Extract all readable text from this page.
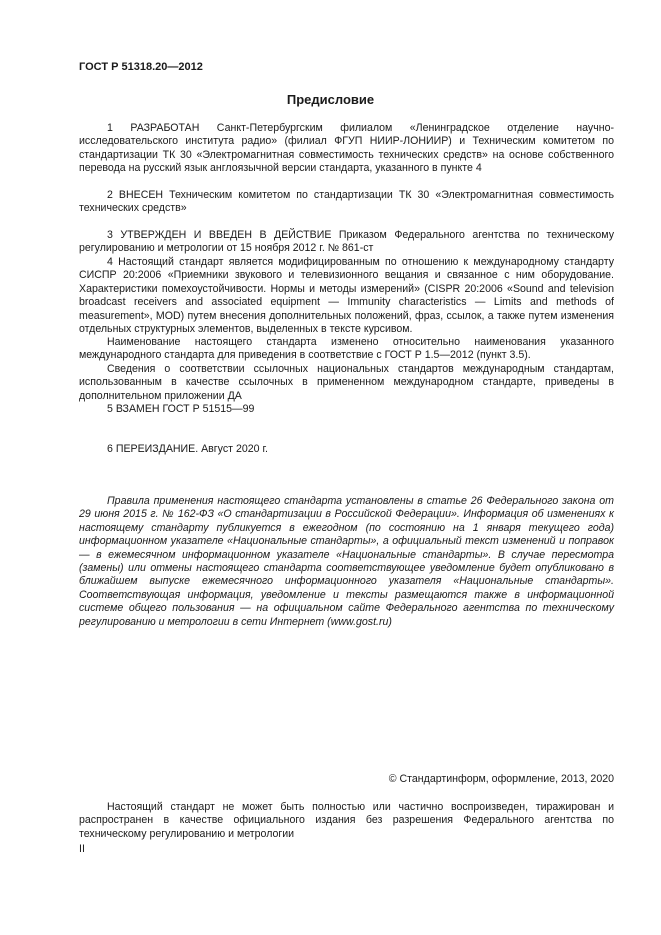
ГОСТ Р 51318.20—2012
Предисловие

1 РАЗРАБОТАН Санкт-Петербургским филиалом «Ленинградское отделение научно-исследовательского института радио» (филиал ФГУП НИИР-ЛОНИИР) и Техническим комитетом по стандартизации ТК 30 «Электромагнитная совместимость технических средств» на основе собственного перевода на русский язык англоязычной версии стандарта, указанного в пункте 4

2 ВНЕСЕН Техническим комитетом по стандартизации ТК 30 «Электромагнитная совместимость технических средств»

3 УТВЕРЖДЕН И ВВЕДЕН В ДЕЙСТВИЕ Приказом Федерального агентства по техническому регулированию и метрологии от 15 ноября 2012 г. № 861-ст

4 Настоящий стандарт является модифицированным по отношению к международному стандарту СИСПР 20:2006 «Приемники звукового и телевизионного вещания и связанное с ним оборудование. Характеристики помехоустойчивости. Нормы и методы измерений» (CISPR 20:2006 «Sound and television broadcast receivers and associated equipment — Immunity characteristics — Limits and methods of measurement», MOD) путем внесения дополнительных положений, фраз, ссылок, а также путем изменения отдельных структурных элементов, выделенных в тексте курсивом.

Наименование настоящего стандарта изменено относительно наименования указанного международного стандарта для приведения в соответствие с ГОСТ Р 1.5—2012 (пункт 3.5).

Сведения о соответствии ссылочных национальных стандартов международным стандартам, использованным в качестве ссылочных в примененном международном стандарте, приведены в дополнительном приложении ДА

5 ВЗАМЕН ГОСТ Р 51515—99

6 ПЕРЕИЗДАНИЕ. Август 2020 г.

Правила применения настоящего стандарта установлены в статье 26 Федерального закона от 29 июня 2015 г. № 162-ФЗ «О стандартизации в Российской Федерации». Информация об изменениях к настоящему стандарту публикуется в ежегодном (по состоянию на 1 января текущего года) информационном указателе «Национальные стандарты», а официальный текст изменений и поправок — в ежемесячном информационном указателе «Национальные стандарты». В случае пересмотра (замены) или отмены настоящего стандарта соответствующее уведомление будет опубликовано в ближайшем выпуске ежемесячного информационного указателя «Национальные стандарты». Соответствующая информация, уведомление и тексты размещаются также в информационной системе общего пользования — на официальном сайте Федерального агентства по техническому регулированию и метрологии в сети Интернет (www.gost.ru)

© Стандартинформ, оформление, 2013, 2020

Настоящий стандарт не может быть полностью или частично воспроизведен, тиражирован и распространен в качестве официального издания без разрешения Федерального агентства по техническому регулированию и метрологии

II
